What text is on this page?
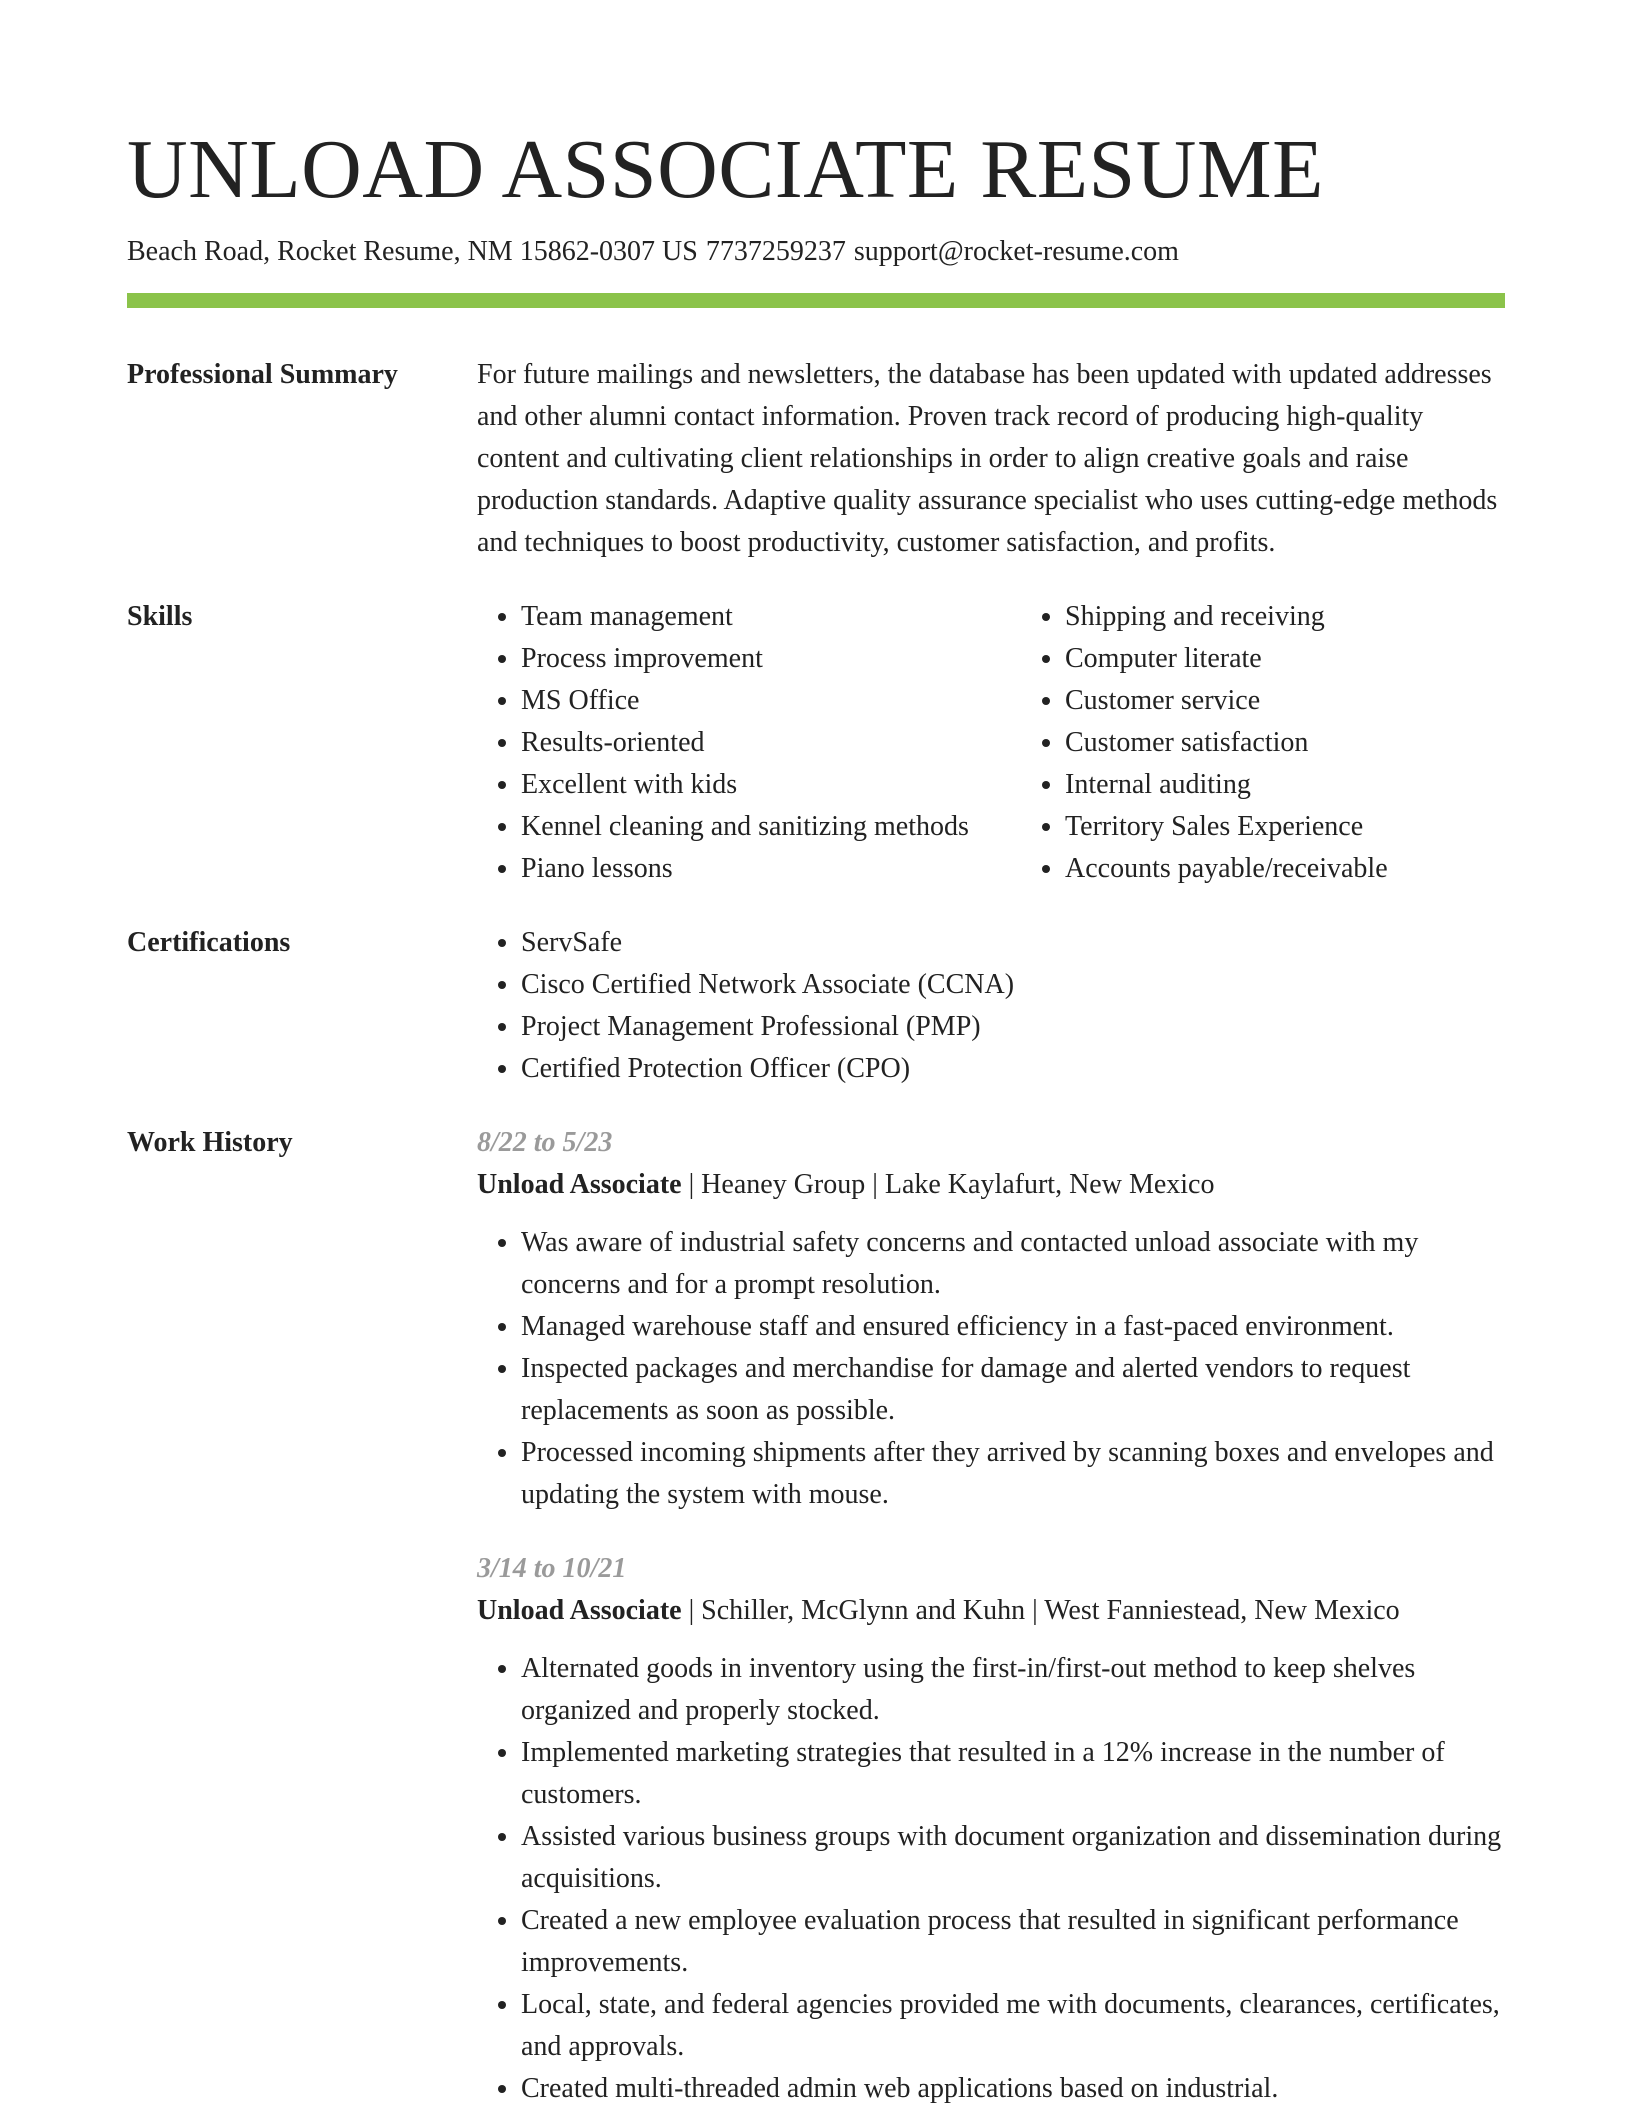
UNLOAD ASSOCIATE RESUME
Beach Road, Rocket Resume, NM 15862-0307 US 7737259237 support@rocket-resume.com
Professional Summary	For future mailings and newsletters, the database has been updated with updated addresses and other alumni contact information. Proven track record of producing high-quality content and cultivating client relationships in order to align creative goals and raise production standards. Adaptive quality assurance specialist who uses cutting-edge methods and techniques to boost productivity, customer satisfaction, and profits.
Skills	• Team management
• Process improvement
• MS Office
• Results-oriented
• Excellent with kids
• Kennel cleaning and sanitizing methods
• Piano lessons
• Shipping and receiving
• Computer literate
• Customer service
• Customer satisfaction
• Internal auditing
• Territory Sales Experience
• Accounts payable/receivable
Certifications	• ServSafe
• Cisco Certified Network Associate (CCNA)
• Project Management Professional (PMP)
• Certified Protection Officer (CPO)
Work History	8/22 to 5/23
Unload Associate | Heaney Group | Lake Kaylafurt, New Mexico
• Was aware of industrial safety concerns and contacted unload associate with my concerns and for a prompt resolution.
• Managed warehouse staff and ensured efficiency in a fast-paced environment.
• Inspected packages and merchandise for damage and alerted vendors to request replacements as soon as possible.
• Processed incoming shipments after they arrived by scanning boxes and envelopes and updating the system with mouse.
3/14 to 10/21
Unload Associate | Schiller, McGlynn and Kuhn | West Fanniestead, New Mexico
• Alternated goods in inventory using the first-in/first-out method to keep shelves organized and properly stocked.
• Implemented marketing strategies that resulted in a 12% increase in the number of customers.
• Assisted various business groups with document organization and dissemination during acquisitions.
• Created a new employee evaluation process that resulted in significant performance improvements.
• Local, state, and federal agencies provided me with documents, clearances, certificates, and approvals.
• Created multi-threaded admin web applications based on industrial.
